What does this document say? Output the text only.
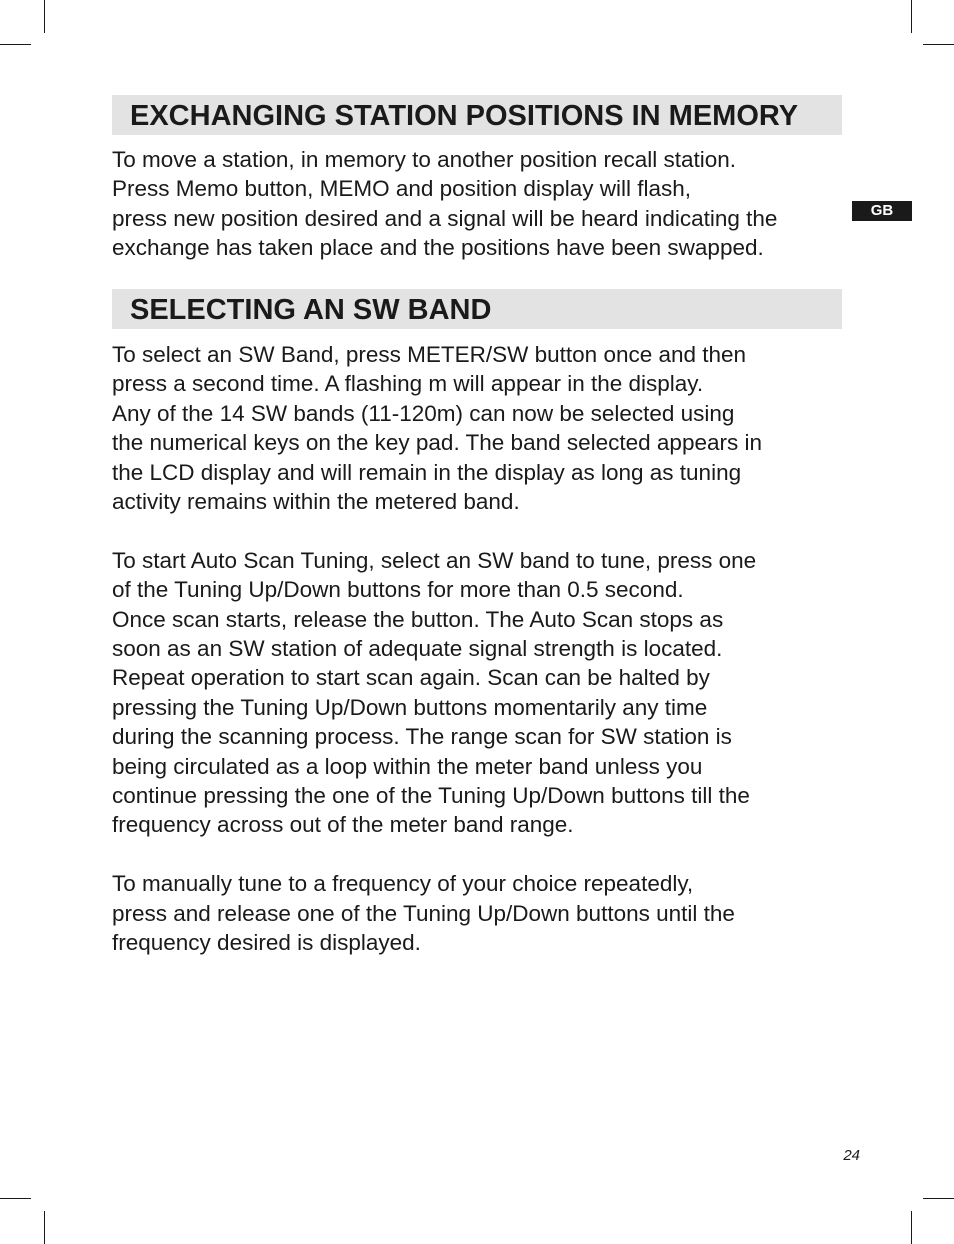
EXCHANGING STATION POSITIONS IN MEMORY

To move a station, in memory to another position recall station.
Press Memo button, MEMO and position display will flash,
press new position desired and a signal will be heard indicating the
exchange has taken place and the positions have been swapped.

SELECTING AN SW BAND

To select an SW Band, press METER/SW button once and then
press a second time. A flashing m will appear in the display.
Any of the 14 SW bands (11-120m) can now be selected using
the numerical keys on the key pad. The band selected appears in
the LCD display and will remain in the display as long as tuning
activity remains within the metered band.

To start Auto Scan Tuning, select an SW band to tune, press one
of the Tuning Up/Down buttons for more than 0.5 second.
Once scan starts, release the button. The Auto Scan stops as
soon as an SW station of adequate signal strength is located.
Repeat operation to start scan again. Scan can be halted by
pressing the Tuning Up/Down buttons momentarily any time
during the scanning process. The range scan for SW station is
being circulated as a loop within the meter band unless you
continue pressing the one of the Tuning Up/Down buttons till the
frequency across out of the meter band range.

To manually tune to a frequency of your choice repeatedly,
press and release one of the Tuning Up/Down buttons until the
frequency desired is displayed.

GB
24
